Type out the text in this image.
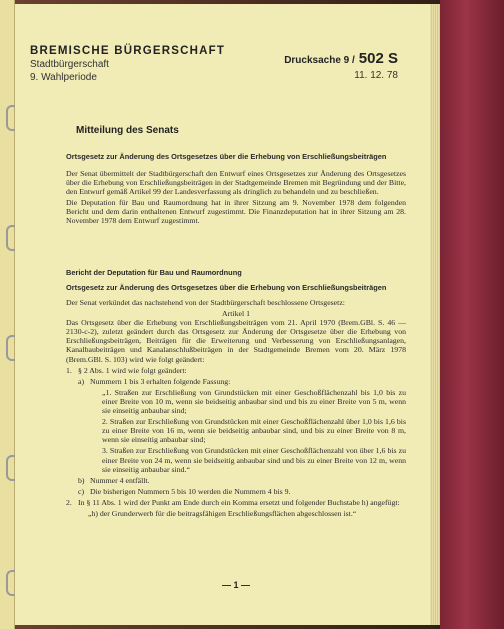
BREMISCHE BÜRGERSCHAFT
Stadtbürgerschaft
9. Wahlperiode
Drucksache 9 / 502 S
11. 12. 78
Mitteilung des Senats
Ortsgesetz zur Änderung des Ortsgesetzes über die Erhebung von Erschließungsbeiträgen
Der Senat übermittelt der Stadtbürgerschaft den Entwurf eines Ortsgesetzes zur Änderung des Ortsgesetzes über die Erhebung von Erschließungsbeiträgen in der Stadtgemeinde Bremen mit Begründung und der Bitte, den Entwurf gemäß Artikel 99 der Landesverfassung als dringlich zu behandeln und zu beschließen.
Die Deputation für Bau und Raumordnung hat in ihrer Sitzung am 9. November 1978 dem folgenden Bericht und dem darin enthaltenen Entwurf zugestimmt. Die Finanzdeputation hat in ihrer Sitzung am 28. November 1978 dem Entwurf zugestimmt.
Bericht der Deputation für Bau und Raumordnung
Ortsgesetz zur Änderung des Ortsgesetzes über die Erhebung von Erschließungsbeiträgen
Der Senat verkündet das nachstehend von der Stadtbürgerschaft beschlossene Ortsgesetz:
Artikel 1
Das Ortsgesetz über die Erhebung von Erschließungsbeiträgen vom 21. April 1970 (Brem.GBl. S. 46 — 2130-c-2), zuletzt geändert durch das Ortsgesetz zur Änderung der Ortsgesetze über die Erhebung von Erschließungsbeiträgen, Beiträgen für die Erweiterung und Verbesserung von Erschließungsanlagen, Kanalbaubeiträgen und Kanalanschlußbeiträgen in der Stadtgemeinde Bremen vom 20. März 1978 (Brem.GBl. S. 103) wird wie folgt geändert:
1. § 2 Abs. 1 wird wie folgt geändert:
a) Nummern 1 bis 3 erhalten folgende Fassung:
„1. Straßen zur Erschließung von Grundstücken mit einer Geschoßflächenzahl bis 1,0 bis zu einer Breite von 10 m, wenn sie beidseitig anbaubar sind und bis zu einer Breite von 5 m, wenn sie einseitig anbaubar sind;
2. Straßen zur Erschließung von Grundstücken mit einer Geschoßflächenzahl über 1,0 bis 1,6 bis zu einer Breite von 16 m, wenn sie beidseitig anbaubar sind, und bis zu einer Breite von 8 m, wenn sie einseitig anbaubar sind;
3. Straßen zur Erschließung von Grundstücken mit einer Geschoßflächenzahl von über 1,6 bis zu einer Breite von 24 m, wenn sie beidseitig anbaubar sind und bis zu einer Breite von 12 m, wenn sie einseitig anbaubar sind.“
b) Nummer 4 entfällt.
c) Die bisherigen Nummern 5 bis 10 werden die Nummern 4 bis 9.
2. In § 11 Abs. 1 wird der Punkt am Ende durch ein Komma ersetzt und folgender Buchstabe h) angefügt:
„h) der Grunderwerb für die beitragsfähigen Erschließungsflächen abgeschlossen ist.“
— 1 —
